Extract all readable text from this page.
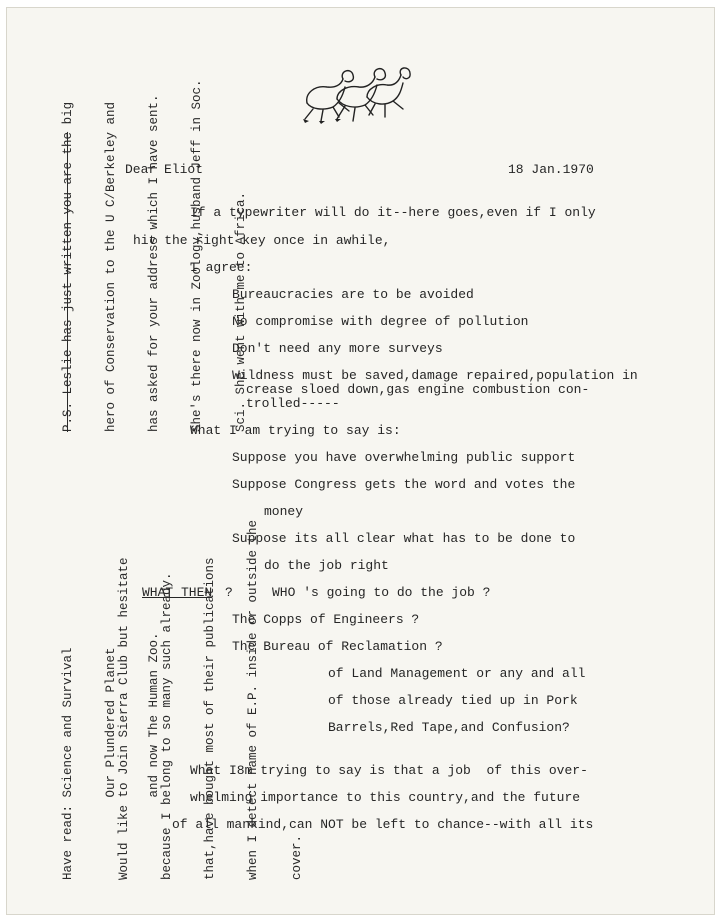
Dear Eliot	18 Jan.1970
If a typewriter will do it--here goes,even if I only
hit the right key once in awhile,
I agree:
Bureaucracies are to be avoided
No compromise with degree of pollution
Don't need any more surveys
Wildness must be saved,damage repaired,population in
crease sloed down,gas engine combustion con-
trolled-----
What I am trying to say is:
Suppose you have overwhelming public support
Suppose Congress gets the word and votes the
money
Suppose its all clear what has to be done to
do the job right
WHAT THEN ?	WHO 's going to do the job ?
The Copps of Engineers ?
The Bureau of Reclamation ?
of Land Management or any and all
of those already tied up in Pork
Barrels,Red Tape,and Confusion?
What I8m trying to say is that a job  of this over-
whelming importance to this country,and the future
of all mankind,can NOT be left to chance--with all its

P.S. Leslie has just written you are the big

hero of Conservation to the U C/Berkeley and

has asked for your address which I have sent.

She's there now in Zoology,husband Jeff in Soc.

Sci. She went with me to Africa.

Have read: Science and Survival

Our Plundered Planet

and now The Human Zoo.

Would like to Join Sierra Club but hesitate

because I belong to so many such already.

that,have bought most of their publications

when I detect name of E.P. inside or outside the

cover.
